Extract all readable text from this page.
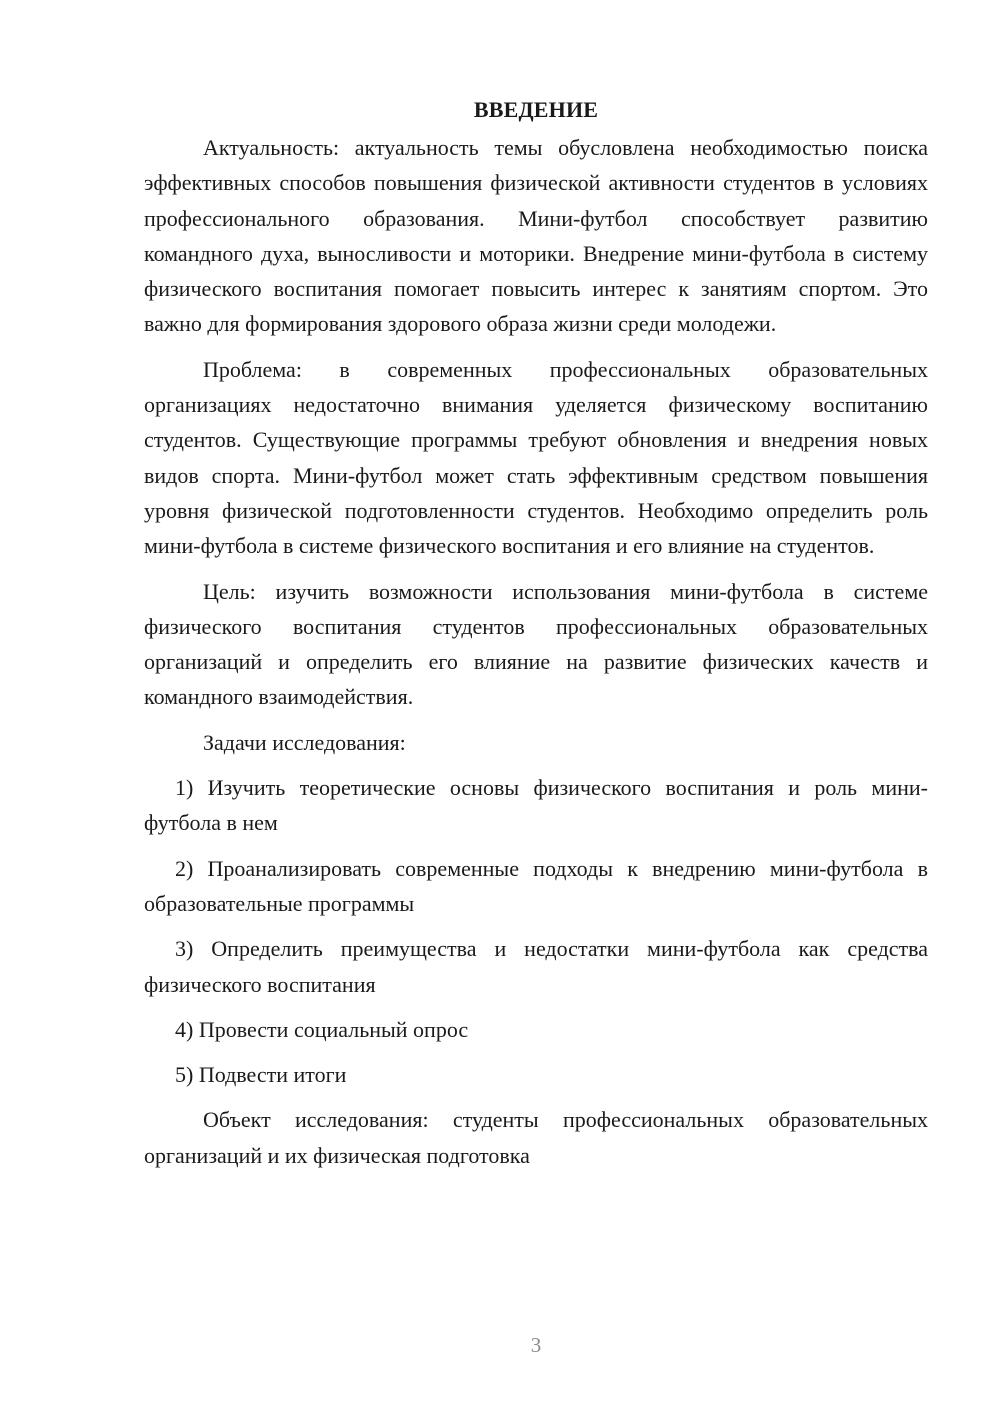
ВВЕДЕНИЕ

Актуальность: актуальность темы обусловлена необходимостью поиска эффективных способов повышения физической активности студентов в условиях профессионального образования. Мини-футбол способствует развитию командного духа, выносливости и моторики. Внедрение мини-футбола в систему физического воспитания помогает повысить интерес к занятиям спортом. Это важно для формирования здорового образа жизни среди молодежи.

Проблема: в современных профессиональных образовательных организациях недостаточно внимания уделяется физическому воспитанию студентов. Существующие программы требуют обновления и внедрения новых видов спорта. Мини-футбол может стать эффективным средством повышения уровня физической подготовленности студентов. Необходимо определить роль мини-футбола в системе физического воспитания и его влияние на студентов.

Цель: изучить возможности использования мини-футбола в системе физического воспитания студентов профессиональных образовательных организаций и определить его влияние на развитие физических качеств и командного взаимодействия.

Задачи исследования:

1) Изучить теоретические основы физического воспитания и роль мини-футбола в нем

2) Проанализировать современные подходы к внедрению мини-футбола в образовательные программы

3) Определить преимущества и недостатки мини-футбола как средства физического воспитания

4) Провести социальный опрос

5) Подвести итоги

Объект исследования: студенты профессиональных образовательных организаций и их физическая подготовка

3
